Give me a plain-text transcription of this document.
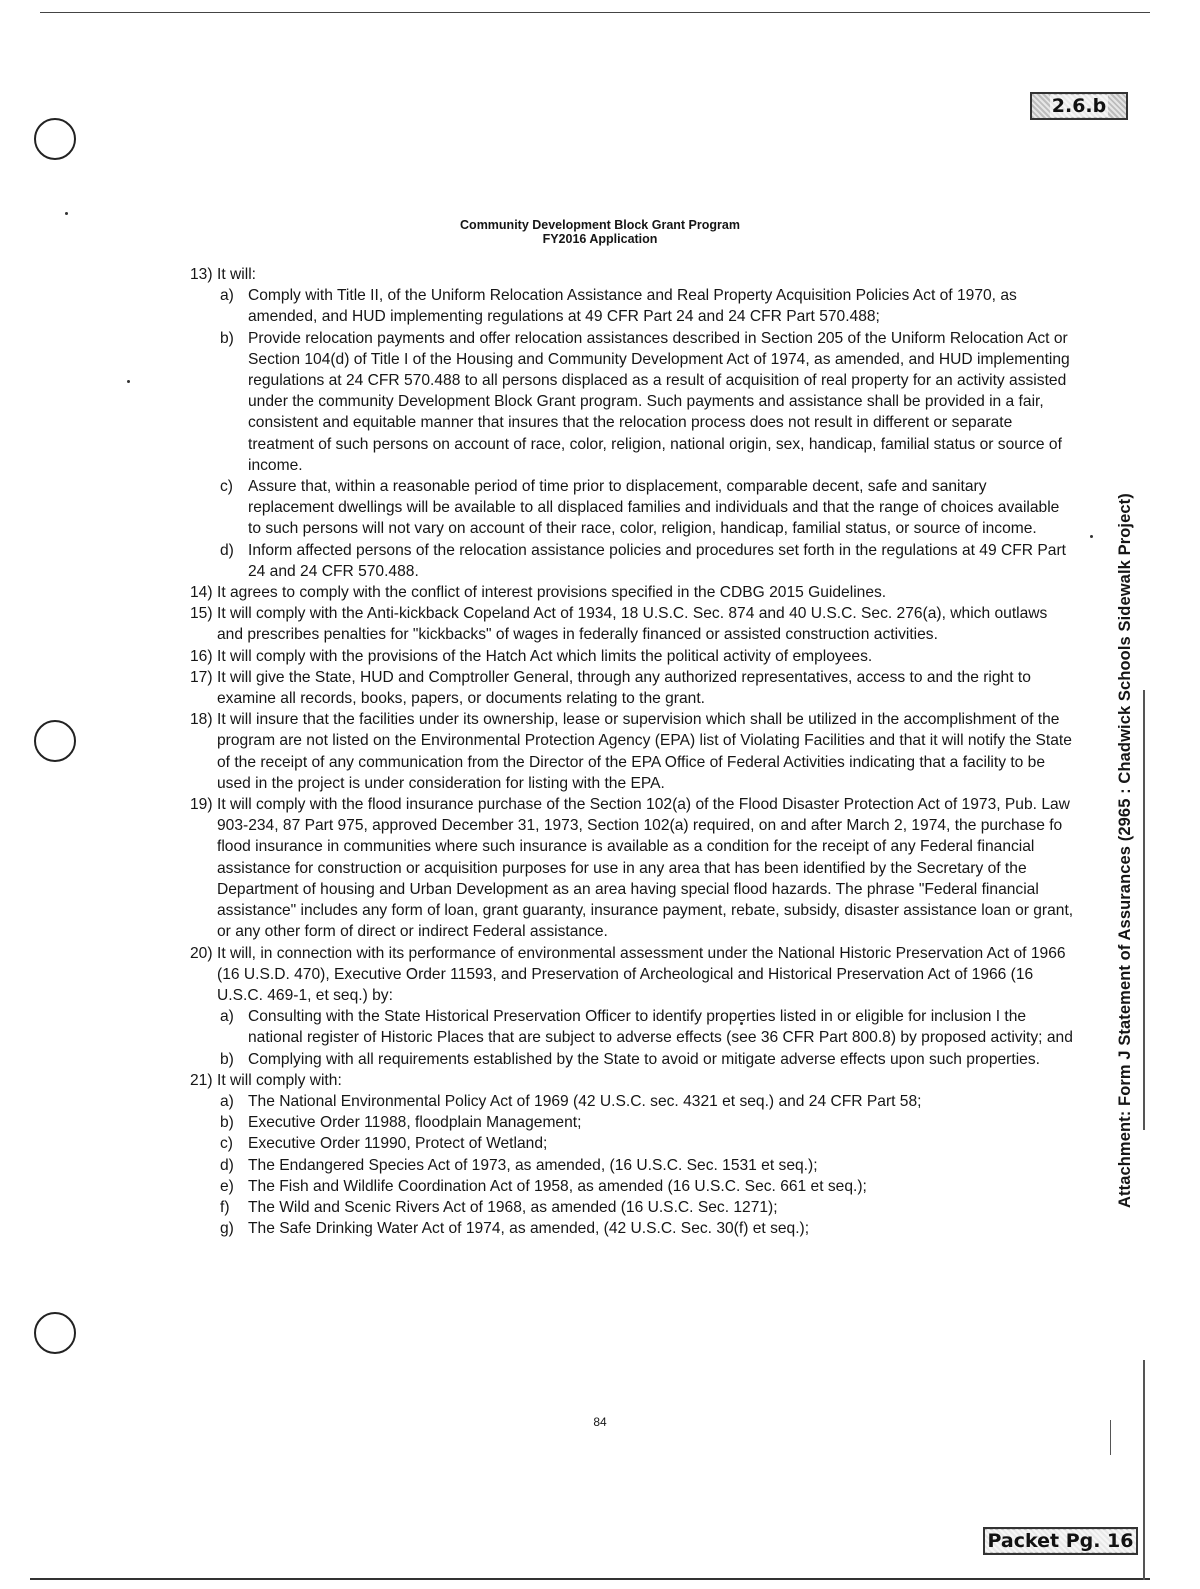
2.6.b
Packet Pg. 16
Attachment: Form J Statement of Assurances (2965 : Chadwick Schools Sidewalk Project)
Community Development Block Grant Program
FY2016 Application
13) It will:
a) Comply with Title II, of the Uniform Relocation Assistance and Real Property Acquisition Policies Act of 1970, as amended, and HUD implementing regulations at 49 CFR Part 24 and 24 CFR Part 570.488;
b) Provide relocation payments and offer relocation assistances described in Section 205 of the Uniform Relocation Act or Section 104(d) of Title I of the Housing and Community Development Act of 1974, as amended, and HUD implementing regulations at 24 CFR 570.488 to all persons displaced as a result of acquisition of real property for an activity assisted under the community Development Block Grant program. Such payments and assistance shall be provided in a fair, consistent and equitable manner that insures that the relocation process does not result in different or separate treatment of such persons on account of race, color, religion, national origin, sex, handicap, familial status or source of income.
c) Assure that, within a reasonable period of time prior to displacement, comparable decent, safe and sanitary replacement dwellings will be available to all displaced families and individuals and that the range of choices available to such persons will not vary on account of their race, color, religion, handicap, familial status, or source of income.
d) Inform affected persons of the relocation assistance policies and procedures set forth in the regulations at 49 CFR Part 24 and 24 CFR 570.488.
14) It agrees to comply with the conflict of interest provisions specified in the CDBG 2015 Guidelines.
15) It will comply with the Anti-kickback Copeland Act of 1934, 18 U.S.C. Sec. 874 and 40 U.S.C. Sec. 276(a), which outlaws and prescribes penalties for "kickbacks" of wages in federally financed or assisted construction activities.
16) It will comply with the provisions of the Hatch Act which limits the political activity of employees.
17) It will give the State, HUD and Comptroller General, through any authorized representatives, access to and the right to examine all records, books, papers, or documents relating to the grant.
18) It will insure that the facilities under its ownership, lease or supervision which shall be utilized in the accomplishment of the program are not listed on the Environmental Protection Agency (EPA) list of Violating Facilities and that it will notify the State of the receipt of any communication from the Director of the EPA Office of Federal Activities indicating that a facility to be used in the project is under consideration for listing with the EPA.
19) It will comply with the flood insurance purchase of the Section 102(a) of the Flood Disaster Protection Act of 1973, Pub. Law 903-234, 87 Part 975, approved December 31, 1973, Section 102(a) required, on and after March 2, 1974, the purchase fo flood insurance in communities where such insurance is available as a condition for the receipt of any Federal financial assistance for construction or acquisition purposes for use in any area that has been identified by the Secretary of the Department of housing and Urban Development as an area having special flood hazards. The phrase "Federal financial assistance" includes any form of loan, grant guaranty, insurance payment, rebate, subsidy, disaster assistance loan or grant, or any other form of direct or indirect Federal assistance.
20) It will, in connection with its performance of environmental assessment under the National Historic Preservation Act of 1966 (16 U.S.D. 470), Executive Order 11593, and Preservation of Archeological and Historical Preservation Act of 1966 (16 U.S.C. 469-1, et seq.) by:
a) Consulting with the State Historical Preservation Officer to identify properties listed in or eligible for inclusion I the national register of Historic Places that are subject to adverse effects (see 36 CFR Part 800.8) by proposed activity; and
b) Complying with all requirements established by the State to avoid or mitigate adverse effects upon such properties.
21) It will comply with:
a) The National Environmental Policy Act of 1969 (42 U.S.C. sec. 4321 et seq.) and 24 CFR Part 58;
b) Executive Order 11988, floodplain Management;
c) Executive Order 11990, Protect of Wetland;
d) The Endangered Species Act of 1973, as amended, (16 U.S.C. Sec. 1531 et seq.);
e) The Fish and Wildlife Coordination Act of 1958, as amended (16 U.S.C. Sec. 661 et seq.);
f) The Wild and Scenic Rivers Act of 1968, as amended (16 U.S.C. Sec. 1271);
g) The Safe Drinking Water Act of 1974, as amended, (42 U.S.C. Sec. 30(f) et seq.);
84
